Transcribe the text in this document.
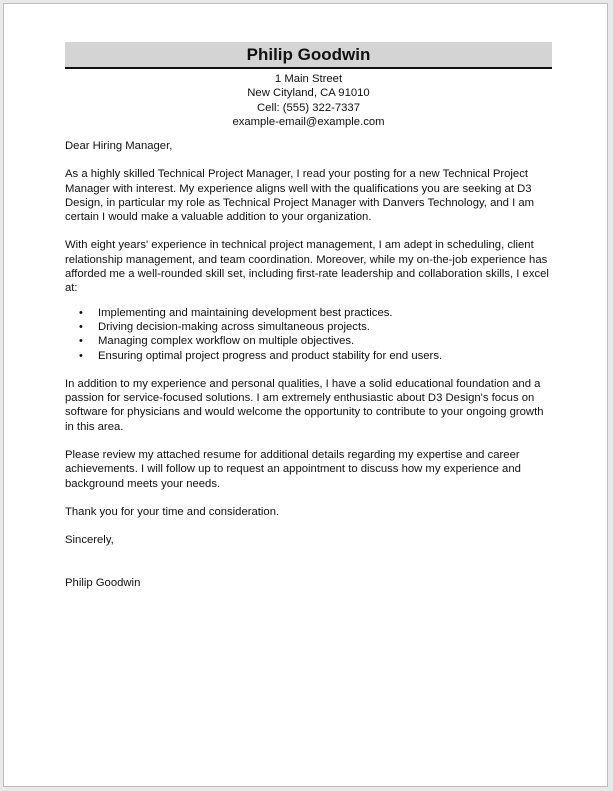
Philip Goodwin
1 Main Street
New Cityland, CA 91010
Cell: (555) 322-7337
example-email@example.com

Dear Hiring Manager,

As a highly skilled Technical Project Manager, I read your posting for a new Technical Project Manager with interest. My experience aligns well with the qualifications you are seeking at D3 Design, in particular my role as Technical Project Manager with Danvers Technology, and I am certain I would make a valuable addition to your organization.

With eight years' experience in technical project management, I am adept in scheduling, client relationship management, and team coordination. Moreover, while my on-the-job experience has afforded me a well-rounded skill set, including first-rate leadership and collaboration skills, I excel at:

• Implementing and maintaining development best practices.
• Driving decision-making across simultaneous projects.
• Managing complex workflow on multiple objectives.
• Ensuring optimal project progress and product stability for end users.

In addition to my experience and personal qualities, I have a solid educational foundation and a passion for service-focused solutions. I am extremely enthusiastic about D3 Design's focus on software for physicians and would welcome the opportunity to contribute to your ongoing growth in this area.

Please review my attached resume for additional details regarding my expertise and career achievements. I will follow up to request an appointment to discuss how my experience and background meets your needs.

Thank you for your time and consideration.

Sincerely,

Philip Goodwin
